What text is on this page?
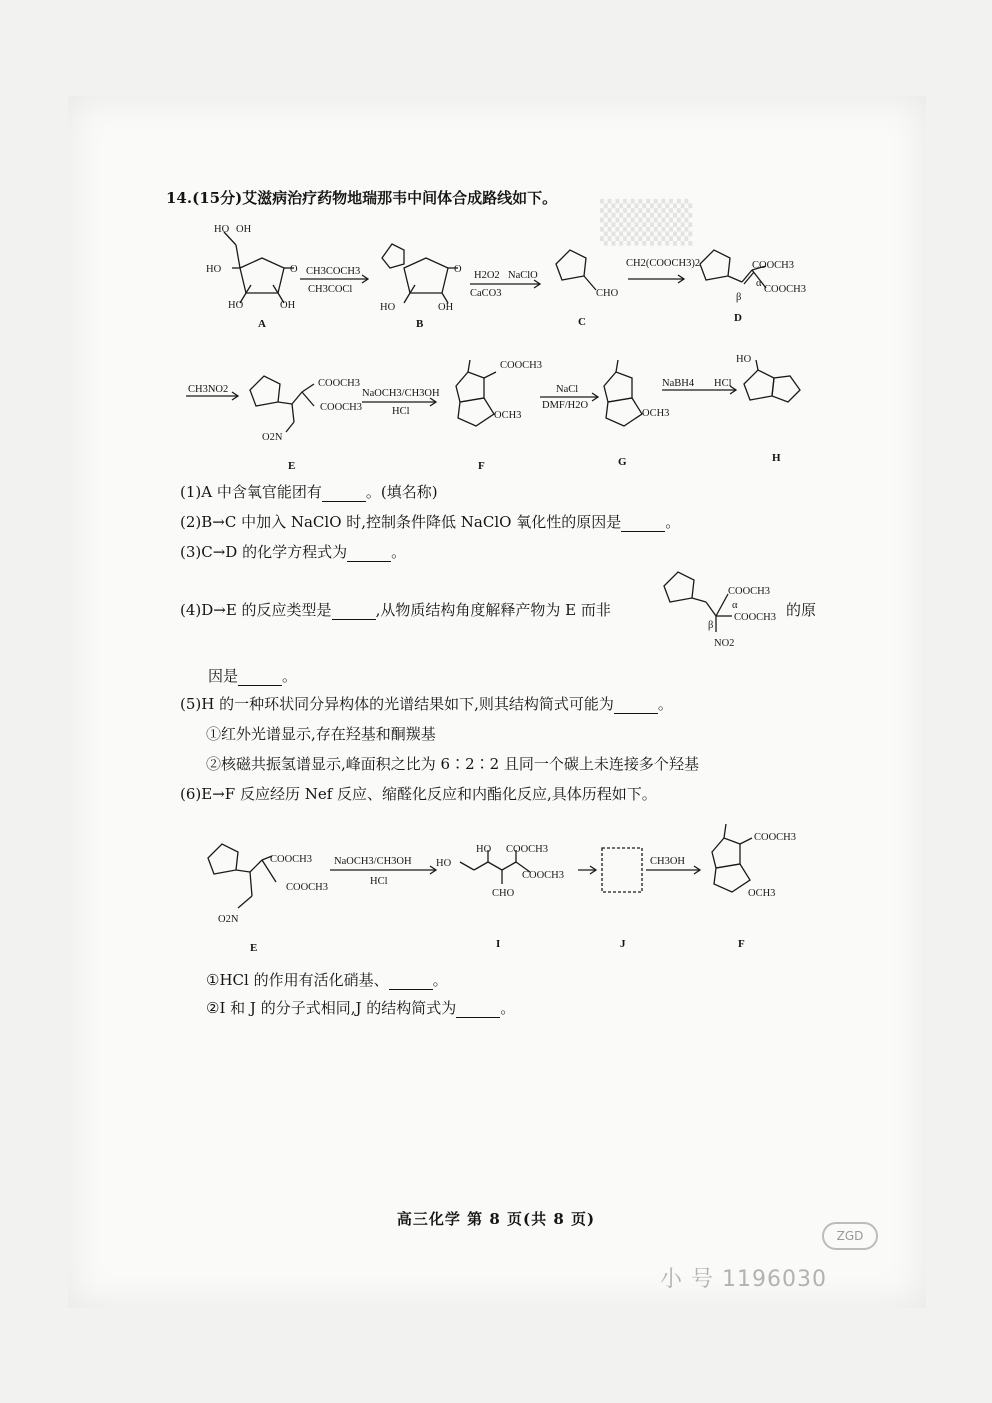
▒▒▒
14.(15分)艾滋病治疗药物地瑞那韦中间体合成路线如下。
HO OH
HO	O
HO	OH	HO	OH
O
CHO
COOCH3
COOCH3
β
α
COOCH3
COOCH3
O2N
COOCH3
OCH3	OCH3
HO
COOCH3
COOCH3
α
β
NO2
COOCH3
COOCH3
O2N
HO
HO COOCH3
COOCH3
CHO
COOCH3
OCH3
CH3COCH3
CH3COCl
H2O2 NaClO
CaCO3
CH2(COOCH3)2
CH3NO2	NaOCH3/CH3OH
HCl
NaCl
DMF/H2O
NaBH4 HCl
NaOCH3/CH3OH
HCl
CH3OH
A	B	C	D
E	F	G	H
E	I	J	F
(1)A 中含氧官能团有	。(填名称)
(2)B→C 中加入 NaClO 时,控制条件降低 NaClO 氧化性的原因是	。
(3)C→D 的化学方程式为	。
(4)D→E 的反应类型是	,从物质结构角度解释产物为 E 而非	的原
因是	。
(5)H 的一种环状同分异构体的光谱结果如下,则其结构简式可能为	。
①红外光谱显示,存在羟基和酮羰基
②核磁共振氢谱显示,峰面积之比为 6∶2∶2 且同一个碳上未连接多个羟基
(6)E→F 反应经历 Nef 反应、缩醛化反应和内酯化反应,具体历程如下。
①HCl 的作用有活化硝基、	。
②I 和 J 的分子式相同,J 的结构简式为	。
高三化学 第 8 页(共 8 页)
ZGD
小 号 1196030
